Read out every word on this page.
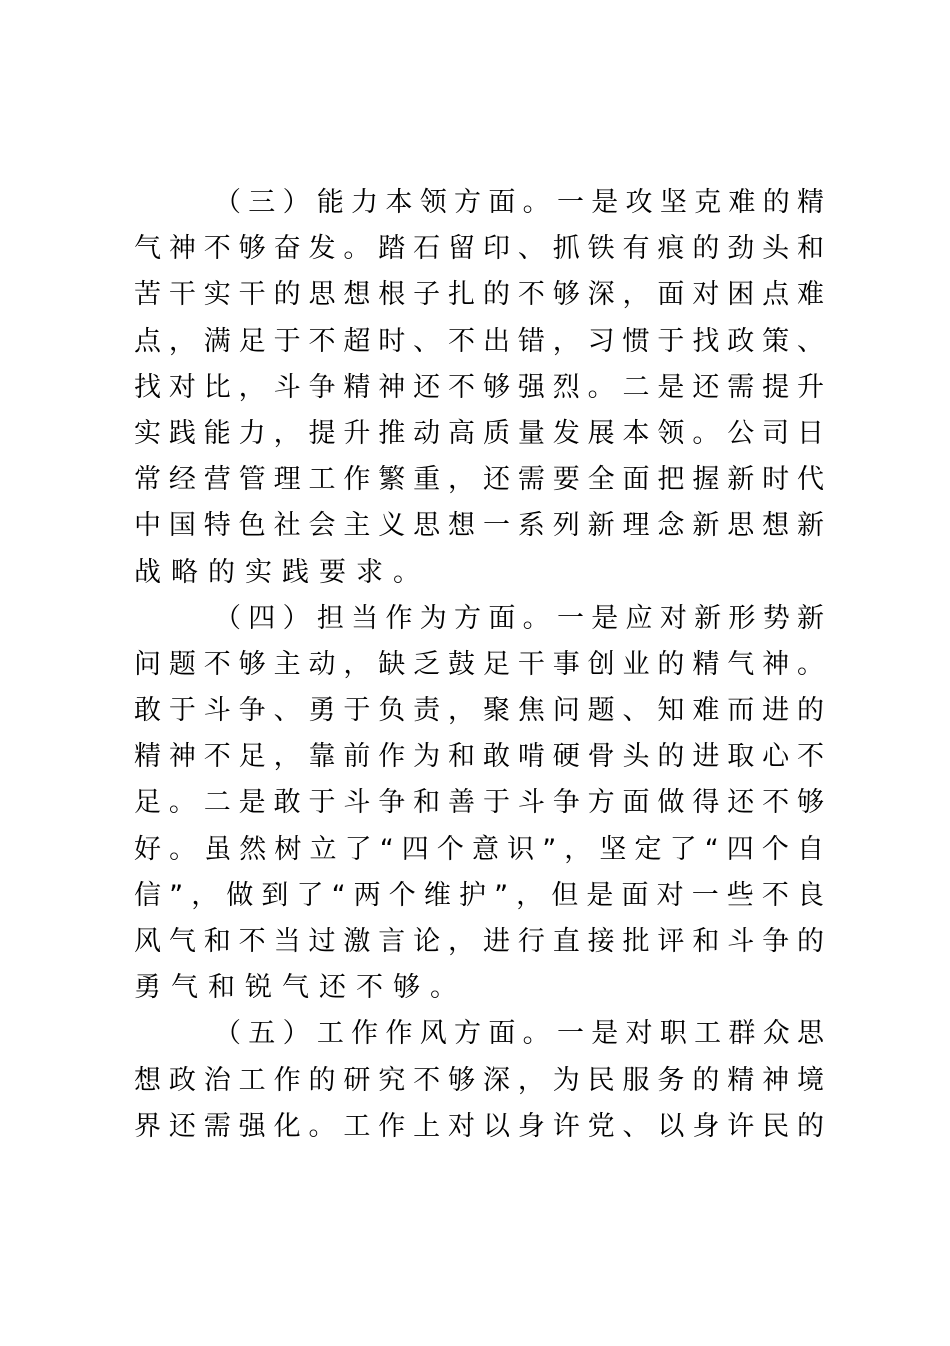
（三）能力本领方面。一是攻坚克难的精
气神不够奋发。踏石留印、抓铁有痕的劲头和
苦干实干的思想根子扎的不够深，面对困点难
点，满足于不超时、不出错，习惯于找政策、
找对比，斗争精神还不够强烈。二是还需提升
实践能力，提升推动高质量发展本领。公司日
常经营管理工作繁重，还需要全面把握新时代
中国特色社会主义思想一系列新理念新思想新
战略的实践要求。
（四）担当作为方面。一是应对新形势新
问题不够主动，缺乏鼓足干事创业的精气神。
敢于斗争、勇于负责，聚焦问题、知难而进的
精神不足，靠前作为和敢啃硬骨头的进取心不
足。二是敢于斗争和善于斗争方面做得还不够
好。虽然树立了“四个意识”，坚定了“四个自
信”，做到了“两个维护”，但是面对一些不良
风气和不当过激言论，进行直接批评和斗争的
勇气和锐气还不够。
（五）工作作风方面。一是对职工群众思
想政治工作的研究不够深，为民服务的精神境
界还需强化。工作上对以身许党、以身许民的
